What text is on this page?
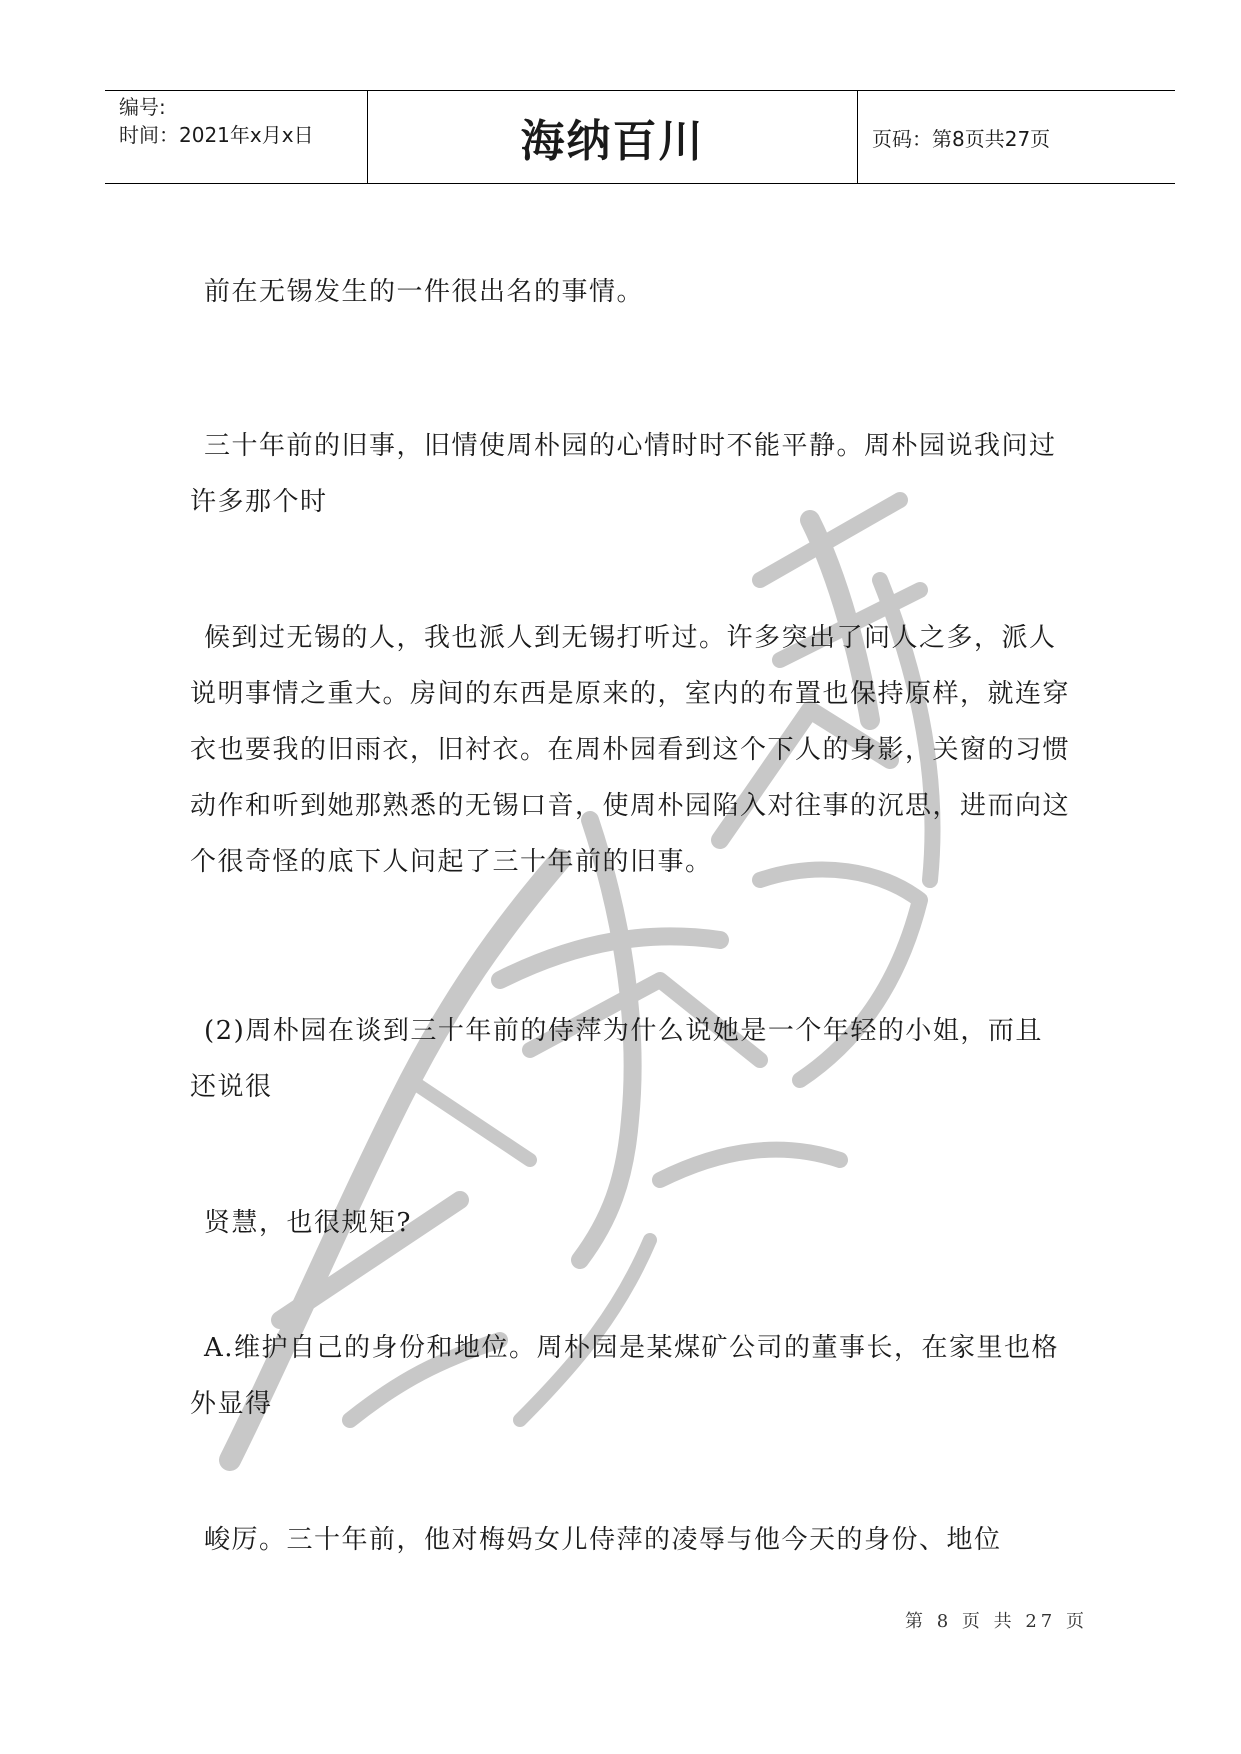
编号:
时间：2021年x月x日	海纳百川	页码：第8页共27页

前在无锡发生的一件很出名的事情。

三十年前的旧事，旧情使周朴园的心情时时不能平静。周朴园说我问过许多那个时

候到过无锡的人，我也派人到无锡打听过。许多突出了问人之多，派人说明事情之重大。房间的东西是原来的，室内的布置也保持原样，就连穿衣也要我的旧雨衣，旧衬衣。在周朴园看到这个下人的身影，关窗的习惯动作和听到她那熟悉的无锡口音，使周朴园陷入对往事的沉思，进而向这个很奇怪的底下人问起了三十年前的旧事。

(2)周朴园在谈到三十年前的侍萍为什么说她是一个年轻的小姐，而且还说很

贤慧，也很规矩?

A.维护自己的身份和地位。周朴园是某煤矿公司的董事长，在家里也格外显得

峻厉。三十年前，他对梅妈女儿侍萍的凌辱与他今天的身份、地位

第 8 页 共 27 页
